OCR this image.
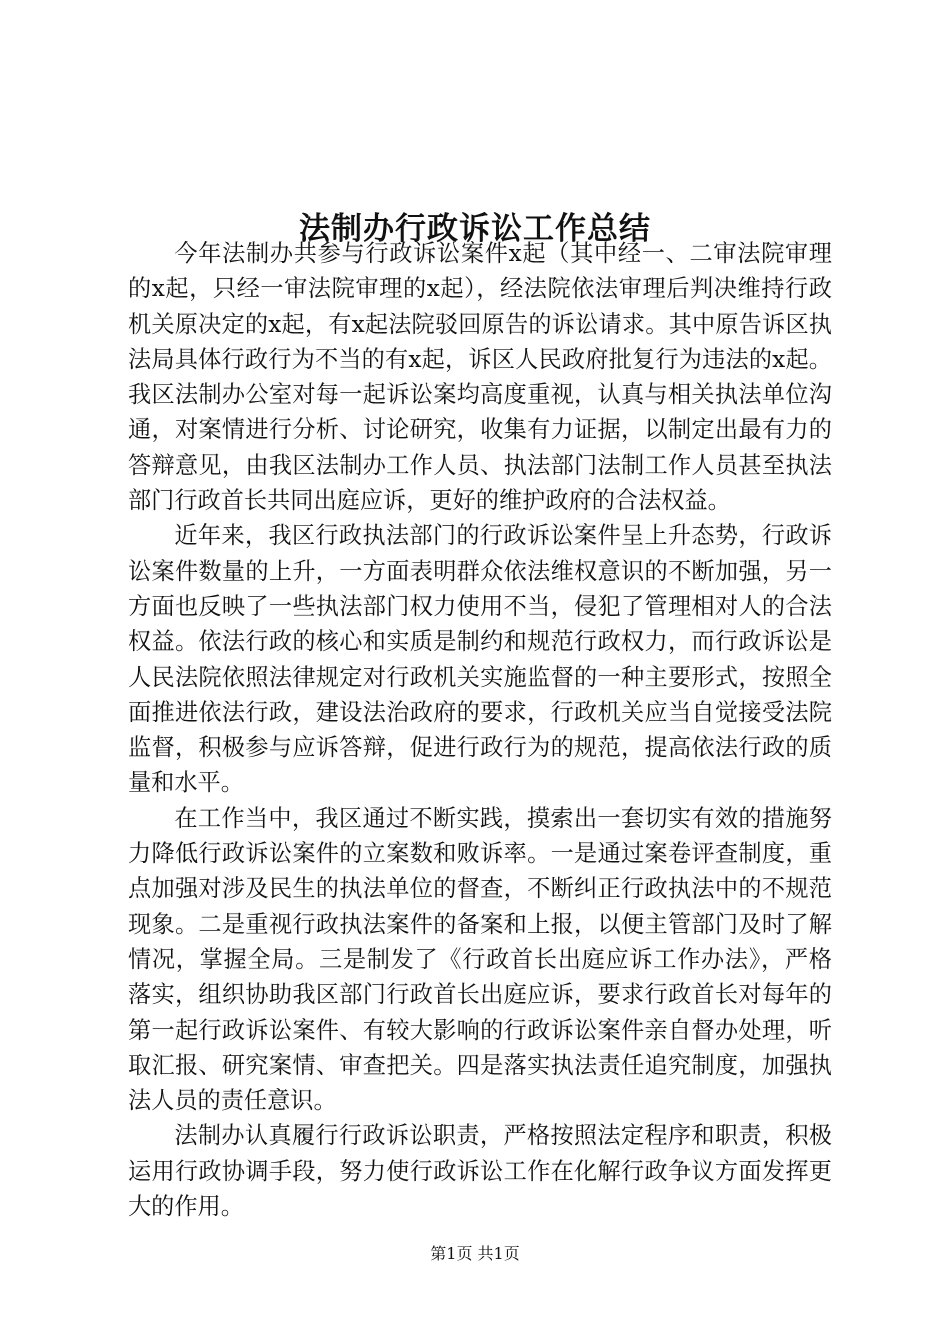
法制办行政诉讼工作总结

今年法制办共参与行政诉讼案件x起（其中经一、二审法院审理的x起，只经一审法院审理的x起），经法院依法审理后判决维持行政机关原决定的x起，有x起法院驳回原告的诉讼请求。其中原告诉区执法局具体行政行为不当的有x起，诉区人民政府批复行为违法的x起。我区法制办公室对每一起诉讼案均高度重视，认真与相关执法单位沟通，对案情进行分析、讨论研究，收集有力证据，以制定出最有力的答辩意见，由我区法制办工作人员、执法部门法制工作人员甚至执法部门行政首长共同出庭应诉，更好的维护政府的合法权益。

近年来，我区行政执法部门的行政诉讼案件呈上升态势，行政诉讼案件数量的上升，一方面表明群众依法维权意识的不断加强，另一方面也反映了一些执法部门权力使用不当，侵犯了管理相对人的合法权益。依法行政的核心和实质是制约和规范行政权力，而行政诉讼是人民法院依照法律规定对行政机关实施监督的一种主要形式，按照全面推进依法行政，建设法治政府的要求，行政机关应当自觉接受法院监督，积极参与应诉答辩，促进行政行为的规范，提高依法行政的质量和水平。

在工作当中，我区通过不断实践，摸索出一套切实有效的措施努力降低行政诉讼案件的立案数和败诉率。一是通过案卷评查制度，重点加强对涉及民生的执法单位的督查，不断纠正行政执法中的不规范现象。二是重视行政执法案件的备案和上报，以便主管部门及时了解情况，掌握全局。三是制发了《行政首长出庭应诉工作办法》，严格落实，组织协助我区部门行政首长出庭应诉，要求行政首长对每年的第一起行政诉讼案件、有较大影响的行政诉讼案件亲自督办处理，听取汇报、研究案情、审查把关。四是落实执法责任追究制度，加强执法人员的责任意识。

法制办认真履行行政诉讼职责，严格按照法定程序和职责，积极运用行政协调手段，努力使行政诉讼工作在化解行政争议方面发挥更大的作用。

第1页 共1页
